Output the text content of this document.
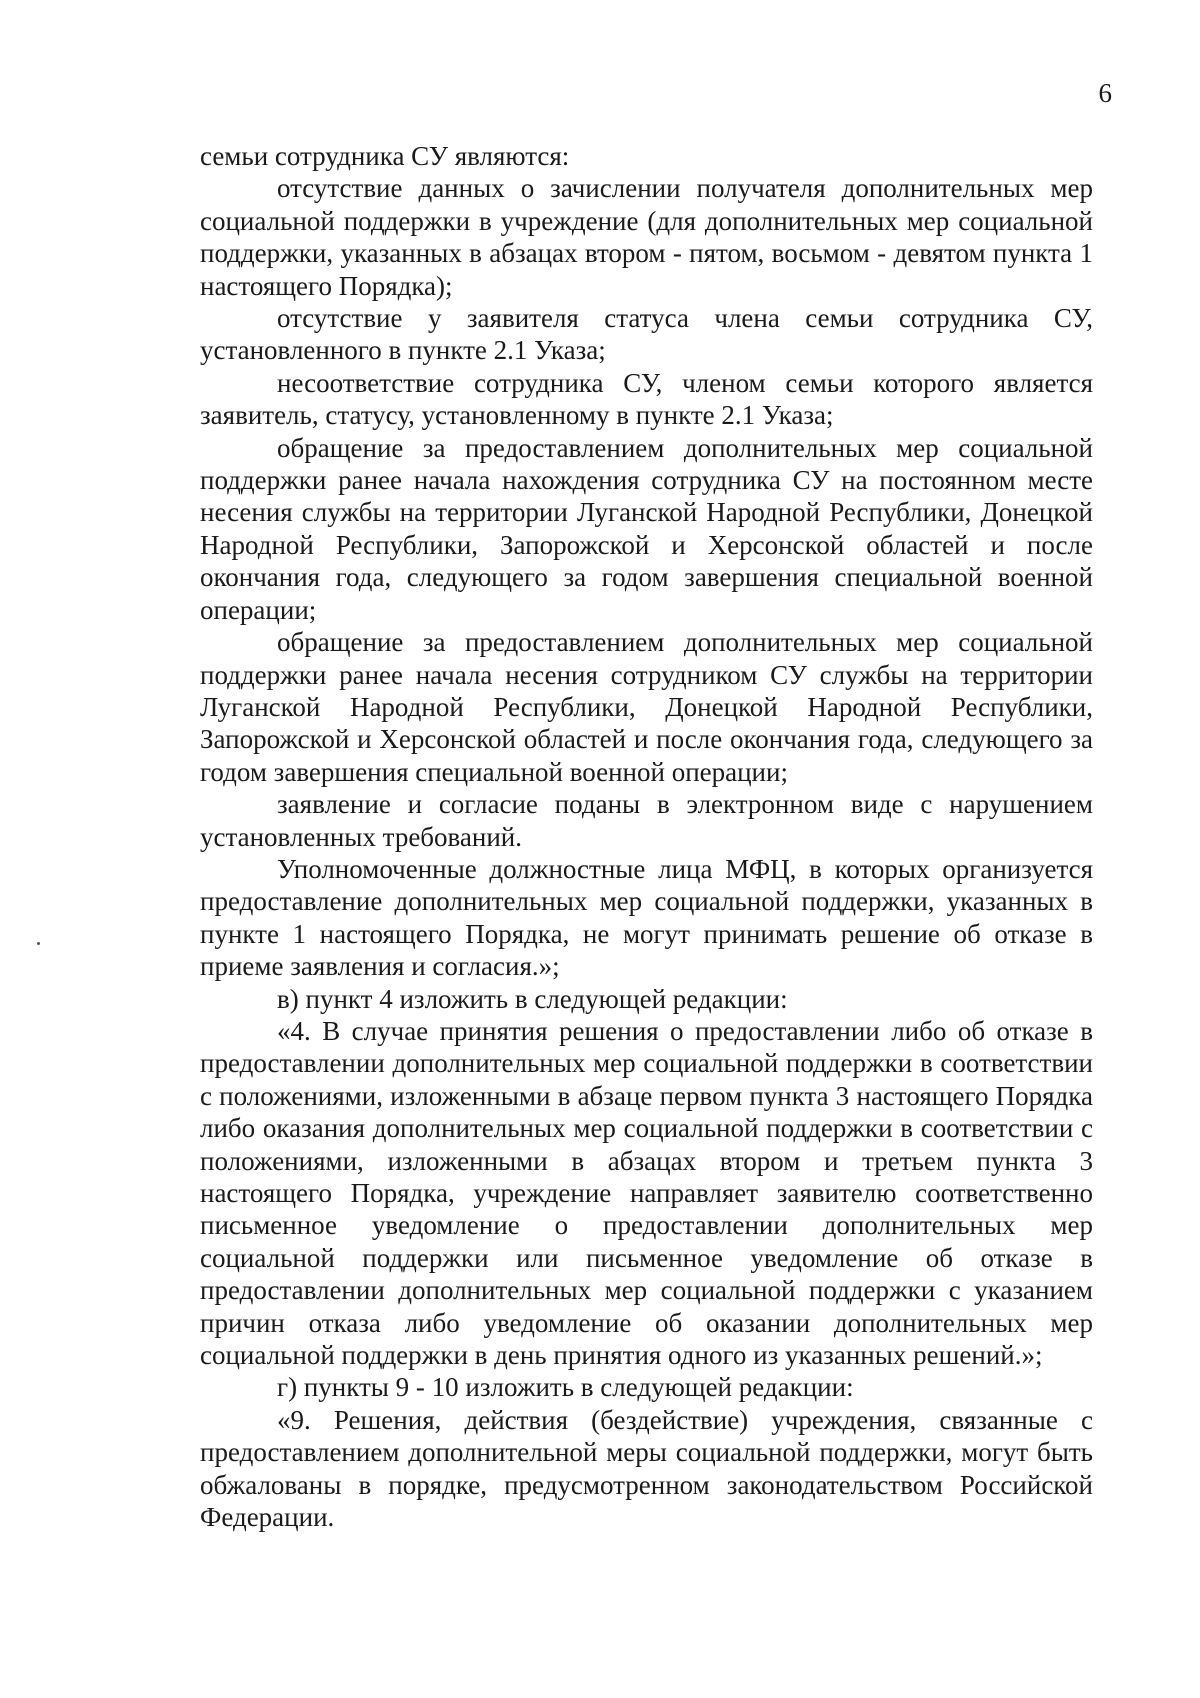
6

семьи сотрудника СУ являются:

отсутствие данных о зачислении получателя дополнительных мер социальной поддержки в учреждение (для дополнительных мер социальной поддержки, указанных в абзацах втором - пятом, восьмом - девятом пункта 1 настоящего Порядка);

отсутствие у заявителя статуса члена семьи сотрудника СУ, установленного в пункте 2.1 Указа;

несоответствие сотрудника СУ, членом семьи которого является заявитель, статусу, установленному в пункте 2.1 Указа;

обращение за предоставлением дополнительных мер социальной поддержки ранее начала нахождения сотрудника СУ на постоянном месте несения службы на территории Луганской Народной Республики, Донецкой Народной Республики, Запорожской и Херсонской областей и после окончания года, следующего за годом завершения специальной военной операции;

обращение за предоставлением дополнительных мер социальной поддержки ранее начала несения сотрудником СУ службы на территории Луганской Народной Республики, Донецкой Народной Республики, Запорожской и Херсонской областей и после окончания года, следующего за годом завершения специальной военной операции;

заявление и согласие поданы в электронном виде с нарушением установленных требований.

Уполномоченные должностные лица МФЦ, в которых организуется предоставление дополнительных мер социальной поддержки, указанных в пункте 1 настоящего Порядка, не могут принимать решение об отказе в приеме заявления и согласия.»;

в) пункт 4 изложить в следующей редакции:

«4. В случае принятия решения о предоставлении либо об отказе в предоставлении дополнительных мер социальной поддержки в соответствии с положениями, изложенными в абзаце первом пункта 3 настоящего Порядка либо оказания дополнительных мер социальной поддержки в соответствии с положениями, изложенными в абзацах втором и третьем пункта 3 настоящего Порядка, учреждение направляет заявителю соответственно письменное уведомление о предоставлении дополнительных мер социальной поддержки или письменное уведомление об отказе в предоставлении дополнительных мер социальной поддержки с указанием причин отказа либо уведомление об оказании дополнительных мер социальной поддержки в день принятия одного из указанных решений.»;

г) пункты 9 - 10 изложить в следующей редакции:

«9. Решения, действия (бездействие) учреждения, связанные с предоставлением дополнительной меры социальной поддержки, могут быть обжалованы в порядке, предусмотренном законодательством Российской Федерации.
